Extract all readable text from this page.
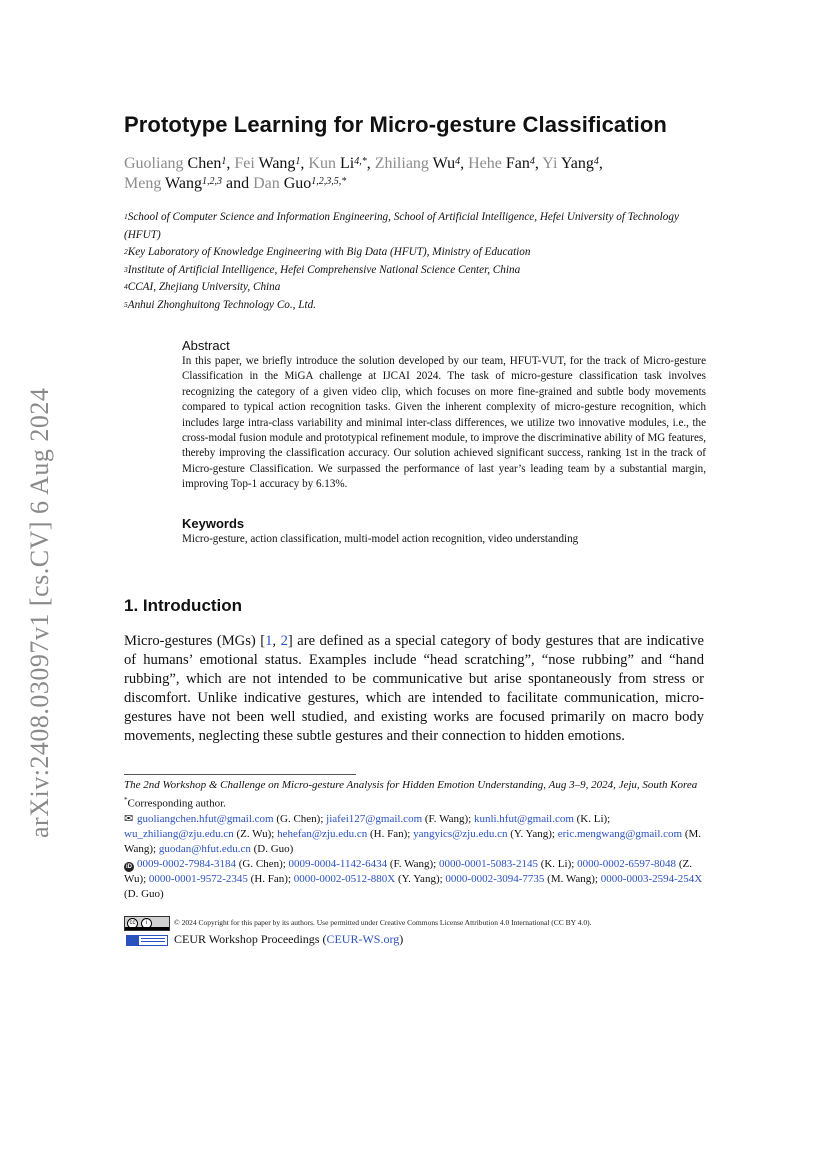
arXiv:2408.03097v1 [cs.CV] 6 Aug 2024
Prototype Learning for Micro-gesture Classification
Guoliang Chen$^1$, Fei Wang$^1$, Kun Li$^{4,*}$, Zhiliang Wu$^4$, Hehe Fan$^4$, Yi Yang$^4$,
Meng Wang$^{1,2,3}$ and Dan Guo$^{1,2,3,5,*}$

$^1$School of Computer Science and Information Engineering, School of Artificial Intelligence, Hefei University of Technology (HFUT)

$^2$Key Laboratory of Knowledge Engineering with Big Data (HFUT), Ministry of Education

$^3$Institute of Artificial Intelligence, Hefei Comprehensive National Science Center, China

$^4$CCAI, Zhejiang University, China

$^5$Anhui Zhonghuitong Technology Co., Ltd.

Abstract
In this paper, we briefly introduce the solution developed by our team, HFUT-VUT, for the track of Micro-gesture Classification in the MiGA challenge at IJCAI 2024. The task of micro-gesture classification task involves recognizing the category of a given video clip, which focuses on more fine-grained and subtle body movements compared to typical action recognition tasks. Given the inherent complexity of micro-gesture recognition, which includes large intra-class variability and minimal inter-class differences, we utilize two innovative modules, i.e., the cross-modal fusion module and prototypical refinement module, to improve the discriminative ability of MG features, thereby improving the classification accuracy. Our solution achieved significant success, ranking 1st in the track of Micro-gesture Classification. We surpassed the performance of last year’s leading team by a substantial margin, improving Top-1 accuracy by 6.13%.
Keywords
Micro-gesture, action classification, multi-model action recognition, video understanding
1. Introduction
Micro-gestures (MGs) [1, 2] are defined as a special category of body gestures that are indicative of humans’ emotional status. Examples include “head scratching”, “nose rubbing” and “hand rubbing”, which are not intended to be communicative but arise spontaneously from stress or discomfort. Unlike indicative gestures, which are intended to facilitate communication, micro-gestures have not been well studied, and existing works are focused primarily on macro body movements, neglecting these subtle gestures and their connection to hidden emotions.

The 2nd Workshop & Challenge on Micro-gesture Analysis for Hidden Emotion Understanding, Aug 3–9, 2024, Jeju, South Korea

*Corresponding author.

✉ guoliangchen.hfut@gmail.com (G. Chen); jiafei127@gmail.com (F. Wang); kunli.hfut@gmail.com (K. Li); wu_zhiliang@zju.edu.cn (Z. Wu); hehefan@zju.edu.cn (H. Fan); yangyics@zju.edu.cn (Y. Yang); eric.mengwang@gmail.com (M. Wang); guodan@hfut.edu.cn (D. Guo)

iD 0009-0002-7984-3184 (G. Chen); 0009-0004-1142-6434 (F. Wang); 0000-0001-5083-2145 (K. Li); 0000-0002-6597-8048 (Z. Wu); 0000-0001-9572-2345 (H. Fan); 0000-0002-0512-880X (Y. Yang); 0000-0002-3094-7735 (M. Wang); 0000-0003-2594-254X (D. Guo)

cc	i	© 2024 Copyright for this paper by its authors. Use permitted under Creative Commons License Attribution 4.0 International (CC BY 4.0).
CEUR Workshop Proceedings (CEUR-WS.org)
